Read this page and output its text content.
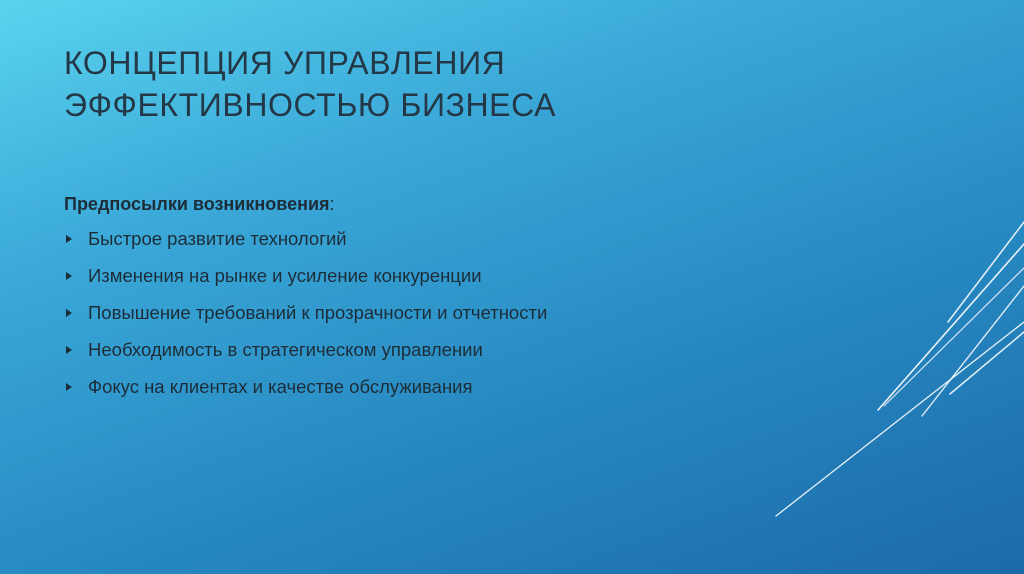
КОНЦЕПЦИЯ УПРАВЛЕНИЯ
ЭФФЕКТИВНОСТЬЮ БИЗНЕСА

Предпосылки возникновения:

Быстрое развитие технологий
Изменения на рынке и усиление конкуренции
Повышение требований к прозрачности и отчетности
Необходимость в стратегическом управлении
Фокус на клиентах и качестве обслуживания
